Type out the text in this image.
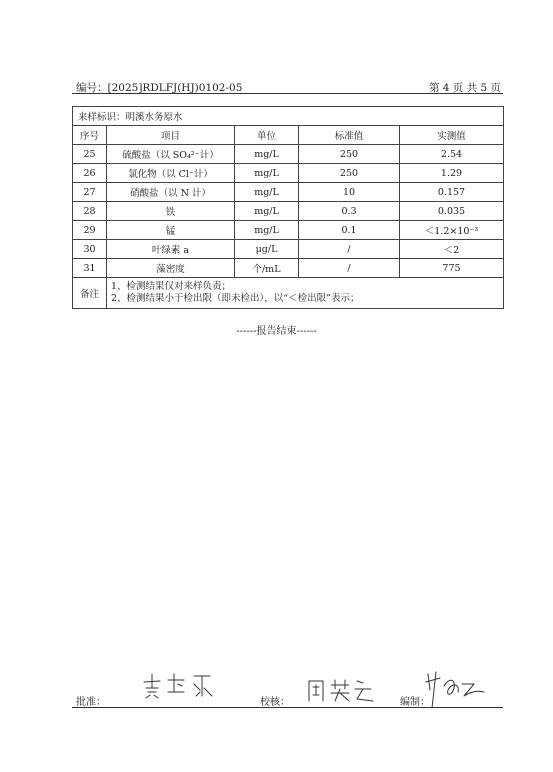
编号：[2025]RDLFJ(HJ)0102-05	第 4 页 共 5 页
来样标识：明溪水务原水				
序号	项目	单位	标准值	实测值
25	硫酸盐（以 SO₄²⁻计）	mg/L	250	2.54
26	氯化物（以 Cl⁻计）	mg/L	250	1.29
27	硝酸盐（以 N 计）	mg/L	10	0.157
28	铁	mg/L	0.3	0.035
29	锰	mg/L	0.1	＜1.2×10⁻³
30	叶绿素 a	μg/L	/	＜2
31	藻密度	个/mL	/	775
备注	1、检测结果仅对来样负责；
2、检测结果小于检出限（即未检出），以“＜检出限”表示；			
------报告结束------
批准：	校核：	编制：
